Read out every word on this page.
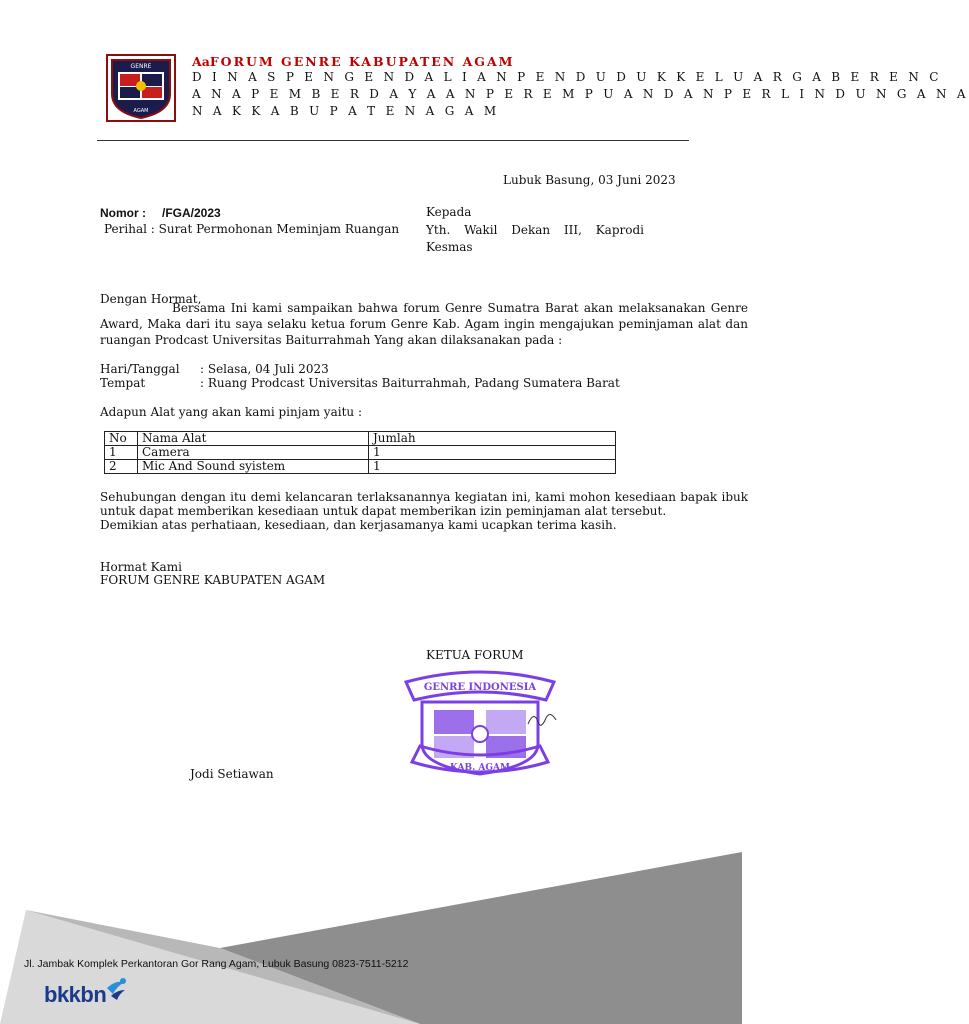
GENRE
AGAM
AaFORUM GENRE KABUPATEN AGAM
D I N A S P E N G E N D A L I A N P E N D U D U K K E L U A R G A B E R E N C
A N A P E M B E R D A Y A A N P E R E M P U A N D A N P E R L I N D U N G A N A
N A K K A B U P A T E N A G A M
Lubuk Basung, 03 Juni 2023
Nomor : /FGA/2023
Perihal : Surat Permohonan Meminjam Ruangan
Kepada
Yth. Wakil Dekan III, Kaprodi Kesmas
Dengan Hormat,
Bersama Ini kami sampaikan bahwa forum Genre Sumatra Barat akan melaksanakan Genre Award, Maka dari itu saya selaku ketua forum Genre Kab. Agam ingin mengajukan peminjaman alat dan ruangan Prodcast Universitas Baiturrahmah Yang akan dilaksanakan pada :
Hari/Tanggal : Selasa, 04 Juli 2023
Tempat	: Ruang Prodcast Universitas Baiturrahmah, Padang Sumatera Barat
Adapun Alat yang akan kami pinjam yaitu :
No	Nama Alat	Jumlah
1	Camera	1
2	Mic And Sound syistem	1
Sehubungan dengan itu demi kelancaran terlaksanannya kegiatan ini, kami mohon kesediaan bapak ibuk untuk dapat memberikan kesediaan untuk dapat memberikan izin peminjaman alat tersebut.
Demikian atas perhatiaan, kesediaan, dan kerjasamanya kami ucapkan terima kasih.
Hormat Kami
FORUM GENRE KABUPATEN AGAM
KETUA FORUM
GENRE INDONESIA
KAB. AGAM
Jodi Setiawan
Jl. Jambak Komplek Perkantoran Gor Rang Agam, Lubuk Basung 0823-7511-5212
bkkbn
